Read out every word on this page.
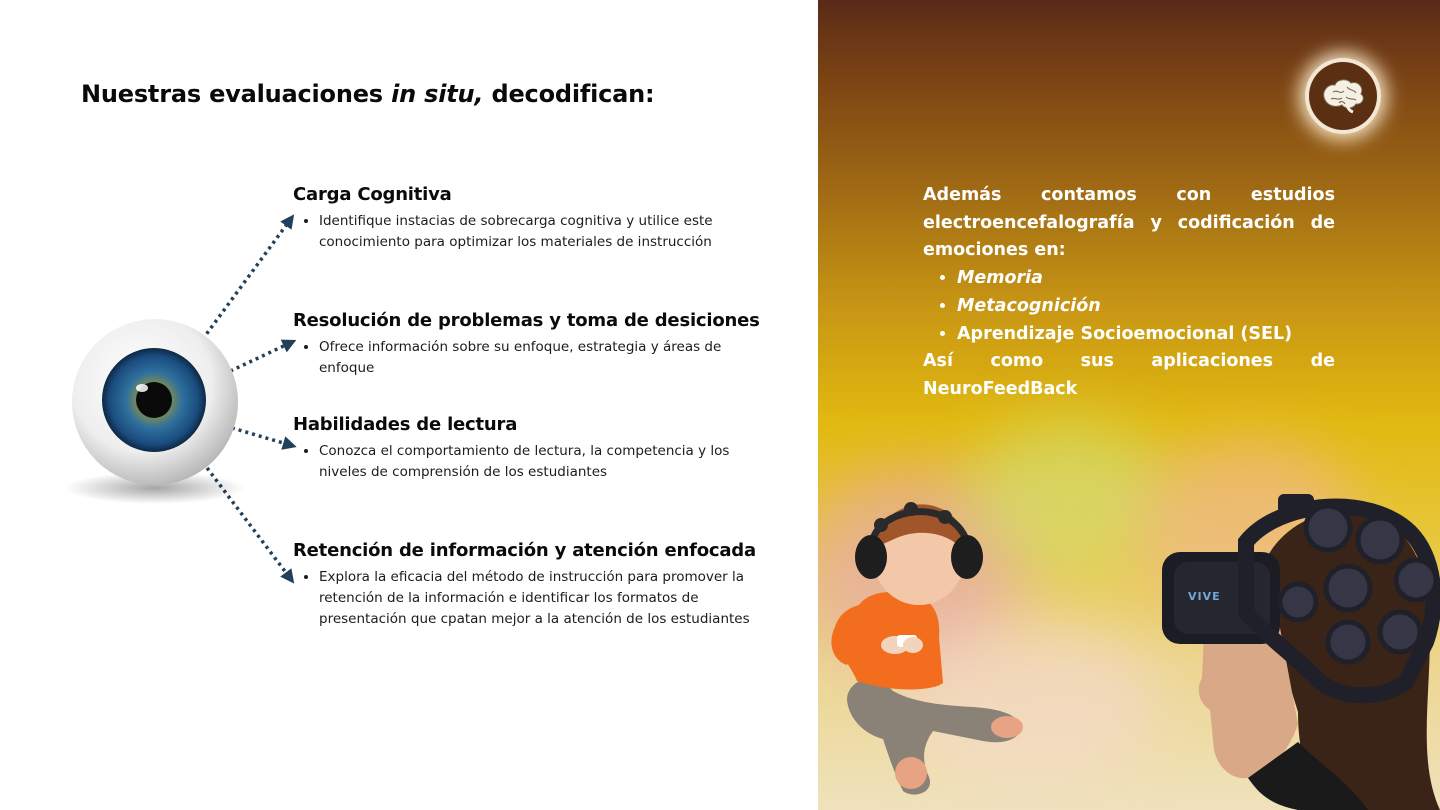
Nuestras evaluaciones in situ, decodifican:
Carga Cognitiva
• Identifique instacias de sobrecarga cognitiva y utilice este conocimiento para optimizar los materiales de instrucción
Resolución de problemas y toma de desiciones
• Ofrece información sobre su enfoque, estrategia y áreas de enfoque
Habilidades de lectura
• Conozca el comportamiento de lectura, la competencia y los niveles de comprensión de los estudiantes
Retención de información y atención enfocada
• Explora la eficacia del método de instrucción para promover la retención de la información e identificar los formatos de presentación que cpatan mejor a la atención de los estudiantes

Además contamos con estudios electroencefalografía y codificación de emociones en:

• Memoria
• Metacognición
• Aprendizaje Socioemocional (SEL)

Así como sus aplicaciones de NeuroFeedBack

VIVE
